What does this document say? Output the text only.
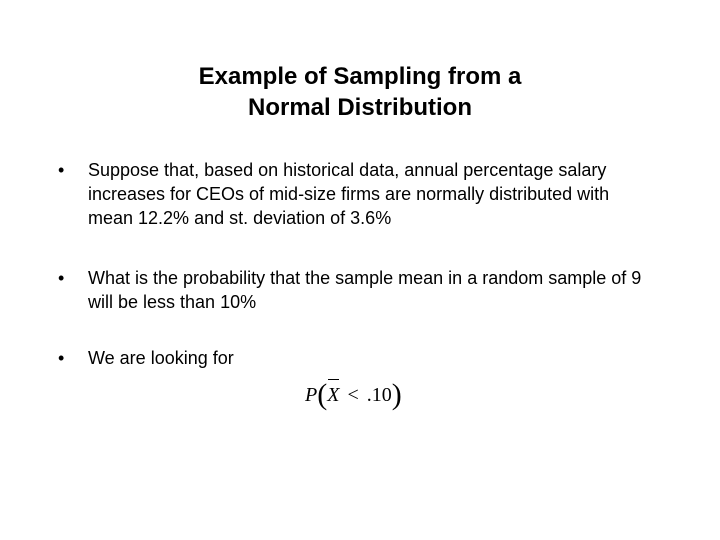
Example of Sampling from a
Normal Distribution
•	Suppose that, based on historical data, annual percentage salary increases for CEOs of mid-size firms are normally distributed with mean 12.2% and st. deviation of 3.6%
•	What is the probability that the sample mean in a random sample of 9 will be less than 10%
•	We are looking for
P(X < .10)
